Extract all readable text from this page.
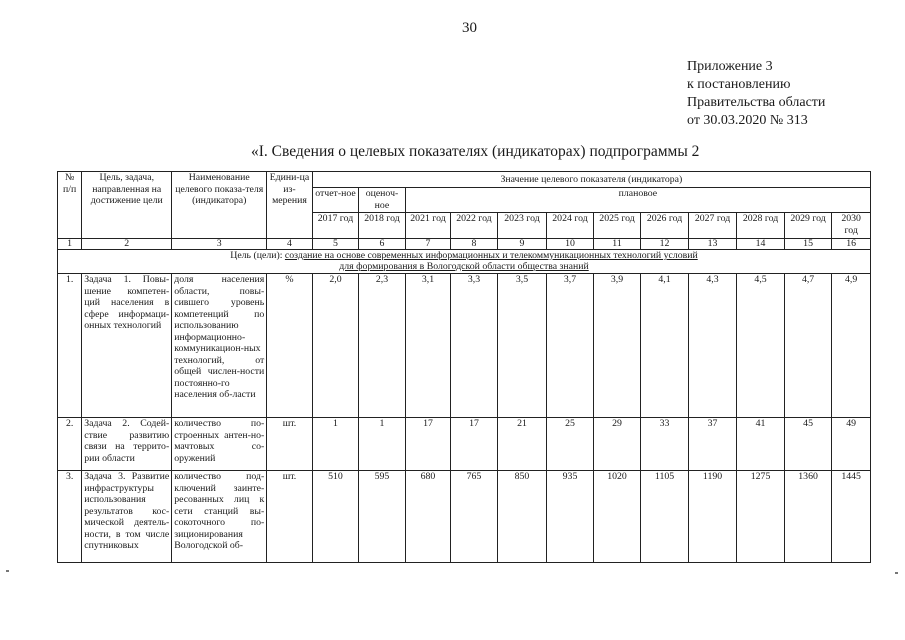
30
Приложение 3
к постановлению
Правительства области
от 30.03.2020 № 313
«I. Сведения о целевых показателях (индикаторах) подпрограммы 2
№ п/п	Цель, задача, направленная на достижение цели	Наименование целевого показа-теля (индикатора)	Едини-ца из-мерения	Значение целевого показателя (индикатора)											
				отчет-ное	оценоч-ное	плановое									
				2017 год	2018 год	2021 год	2022 год	2023 год	2024 год	2025 год	2026 год	2027 год	2028 год	2029 год	2030 год
1	2	3	4	5	6	7	8	9	10	11	12	13	14	15	16
Цель (цели): создание на основе современных информационных и телекоммуникационных технологий условий
для формирования в Вологодской области общества знаний															
1.	Задача 1. Повы-шение компетен-ций населения в сфере информаци-онных технологий	доля населения области, повы-сившего уровень компетенций по использованию информационно-коммуникацион-ных технологий, от общей числен-ности постоянно-го населения об-ласти	%	2,0	2,3	3,1	3,3	3,5	3,7	3,9	4,1	4,3	4,5	4,7	4,9
2.	Задача 2. Содей-ствие развитию связи на террито-рии области	количество по-строенных антен-но-мачтовых со-оружений	шт.	1	1	17	17	21	25	29	33	37	41	45	49
3.	Задача 3. Развитие инфраструктуры использования результатов кос-мической деятель-ности, в том числе спутниковых	количество под-ключений заинте-ресованных лиц к сети станций вы-сокоточного по-зиционирования Вологодской об-	шт.	510	595	680	765	850	935	1020	1105	1190	1275	1360	1445
